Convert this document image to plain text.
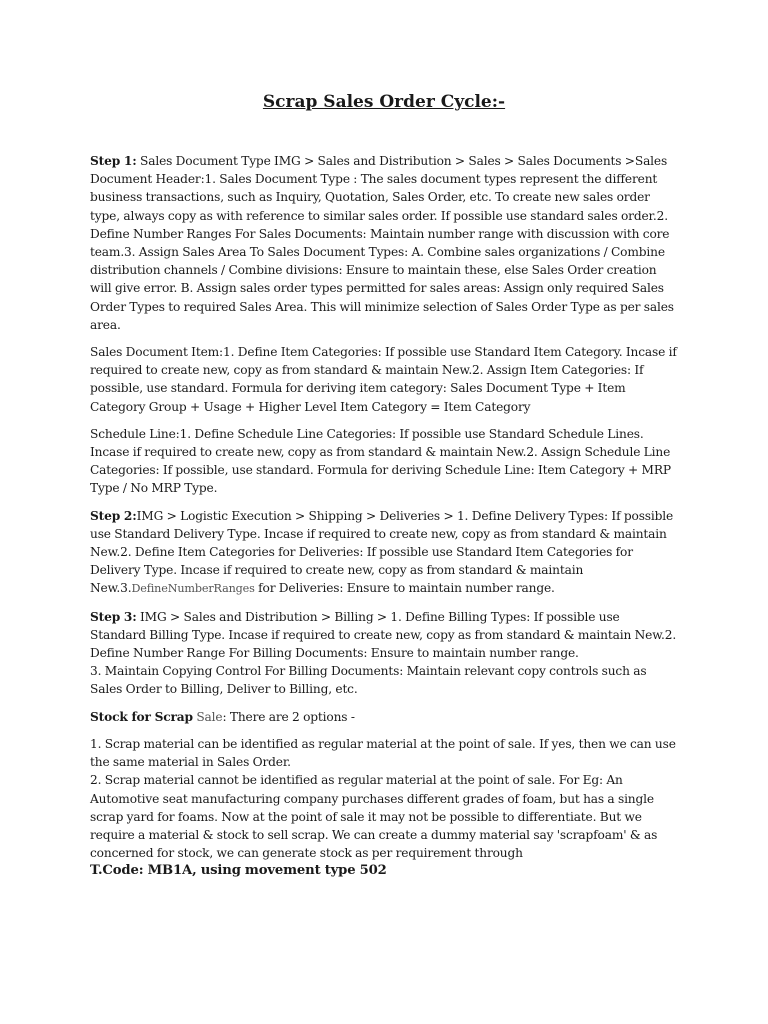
Scrap Sales Order Cycle:-

Step 1: Sales Document Type IMG > Sales and Distribution > Sales > Sales Documents >Sales Document Header:1. Sales Document Type : The sales document types represent the different business transactions, such as Inquiry, Quotation, Sales Order, etc. To create new sales order type, always copy as with reference to similar sales order. If possible use standard sales order.2. Define Number Ranges For Sales Documents: Maintain number range with discussion with core team.3. Assign Sales Area To Sales Document Types: A. Combine sales organizations / Combine distribution channels / Combine divisions: Ensure to maintain these, else Sales Order creation will give error. B. Assign sales order types permitted for sales areas: Assign only required Sales Order Types to required Sales Area. This will minimize selection of Sales Order Type as per sales area.

Sales Document Item:1. Define Item Categories: If possible use Standard Item Category. Incase if required to create new, copy as from standard & maintain New.2. Assign Item Categories: If possible, use standard. Formula for deriving item category: Sales Document Type + Item Category Group + Usage + Higher Level Item Category = Item Category

Schedule Line:1. Define Schedule Line Categories: If possible use Standard Schedule Lines. Incase if required to create new, copy as from standard & maintain New.2. Assign Schedule Line Categories: If possible, use standard. Formula for deriving Schedule Line: Item Category + MRP Type / No MRP Type.

Step 2:IMG > Logistic Execution > Shipping > Deliveries > 1. Define Delivery Types: If possible use Standard Delivery Type. Incase if required to create new, copy as from standard & maintain New.2. Define Item Categories for Deliveries: If possible use Standard Item Categories for Delivery Type. Incase if required to create new, copy as from standard & maintain New.3.DefineNumberRanges for Deliveries: Ensure to maintain number range.

Step 3: IMG > Sales and Distribution > Billing > 1. Define Billing Types: If possible use Standard Billing Type. Incase if required to create new, copy as from standard & maintain New.2. Define Number Range For Billing Documents: Ensure to maintain number range.
3. Maintain Copying Control For Billing Documents: Maintain relevant copy controls such as Sales Order to Billing, Deliver to Billing, etc.

Stock for Scrap Sale: There are 2 options -

1. Scrap material can be identified as regular material at the point of sale. If yes, then we can use the same material in Sales Order.
2. Scrap material cannot be identified as regular material at the point of sale. For Eg: An Automotive seat manufacturing company purchases different grades of foam, but has a single scrap yard for foams. Now at the point of sale it may not be possible to differentiate. But we require a material & stock to sell scrap. We can create a dummy material say 'scrapfoam' & as concerned for stock, we can generate stock as per requirement through
T.Code: MB1A, using movement type 502
